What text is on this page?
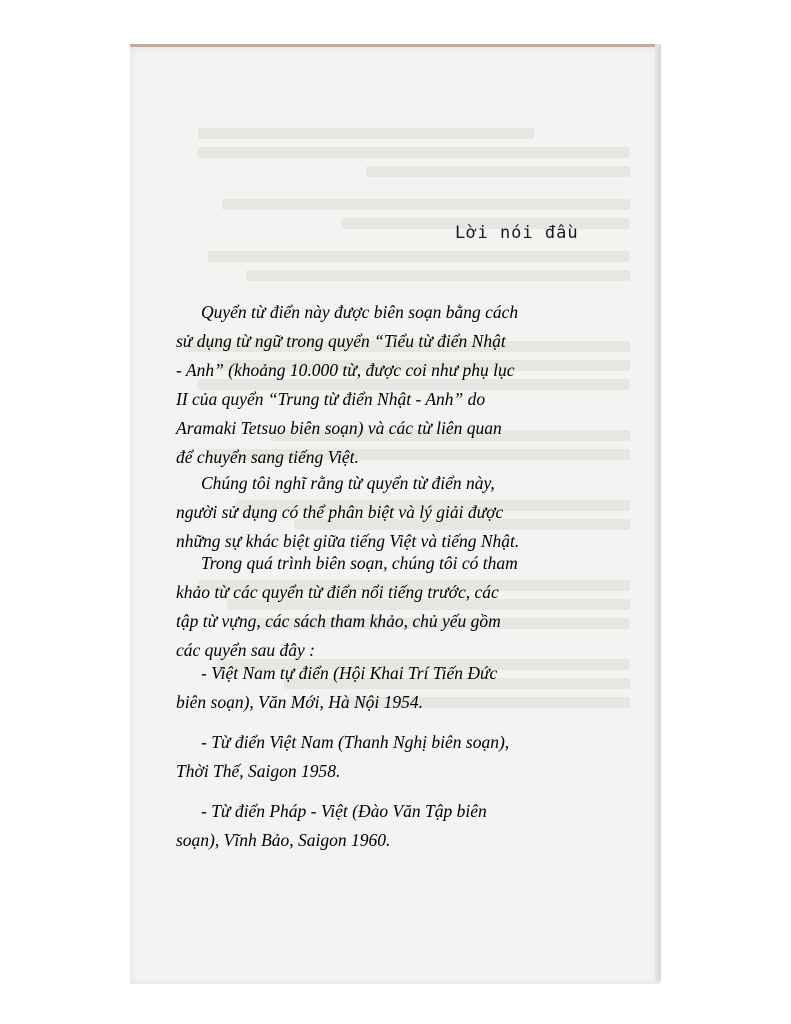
Lời nói đầu
Quyển từ điển này được biên soạn bằng cách
sử dụng từ ngữ trong quyển “Tiểu từ điển Nhật
- Anh” (khoảng 10.000 từ, được coi như phụ lục
II của quyển “Trung từ điển Nhật - Anh” do
Aramaki Tetsuo biên soạn) và các từ liên quan
để chuyển sang tiếng Việt.
Chúng tôi nghĩ rằng từ quyển từ điển này,
người sử dụng có thể phân biệt và lý giải được
những sự khác biệt giữa tiếng Việt và tiếng Nhật.
Trong quá trình biên soạn, chúng tôi có tham
khảo từ các quyển từ điển nổi tiếng trước, các
tập từ vựng, các sách tham khảo, chủ yếu gồm
các quyển sau đây :
- Việt Nam tự điển (Hội Khai Trí Tiến Đức
biên soạn), Văn Mới, Hà Nội 1954.
- Từ điển Việt Nam (Thanh Nghị biên soạn),
Thời Thế, Saigon 1958.
- Từ điển Pháp - Việt (Đào Văn Tập biên
soạn), Vĩnh Bảo, Saigon 1960.
